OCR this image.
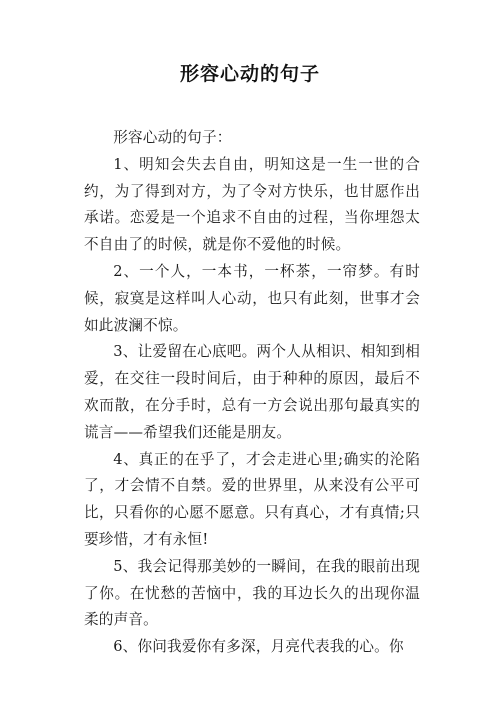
形容心动的句子

形容心动的句子：

1、明知会失去自由，明知这是一生一世的合约，为了得到对方，为了令对方快乐，也甘愿作出承诺。恋爱是一个追求不自由的过程，当你埋怨太不自由了的时候，就是你不爱他的时候。

2、一个人，一本书，一杯茶，一帘梦。有时候，寂寞是这样叫人心动，也只有此刻，世事才会如此波澜不惊。

3、让爱留在心底吧。两个人从相识、相知到相爱，在交往一段时间后，由于种种的原因，最后不欢而散，在分手时，总有一方会说出那句最真实的谎言——希望我们还能是朋友。

4、真正的在乎了，才会走进心里;确实的沦陷了，才会情不自禁。爱的世界里，从来没有公平可比，只看你的心愿不愿意。只有真心，才有真情;只要珍惜，才有永恒!

5、我会记得那美妙的一瞬间，在我的眼前出现了你。在忧愁的苦恼中，我的耳边长久的出现你温柔的声音。

6、你问我爱你有多深，月亮代表我的心。你
